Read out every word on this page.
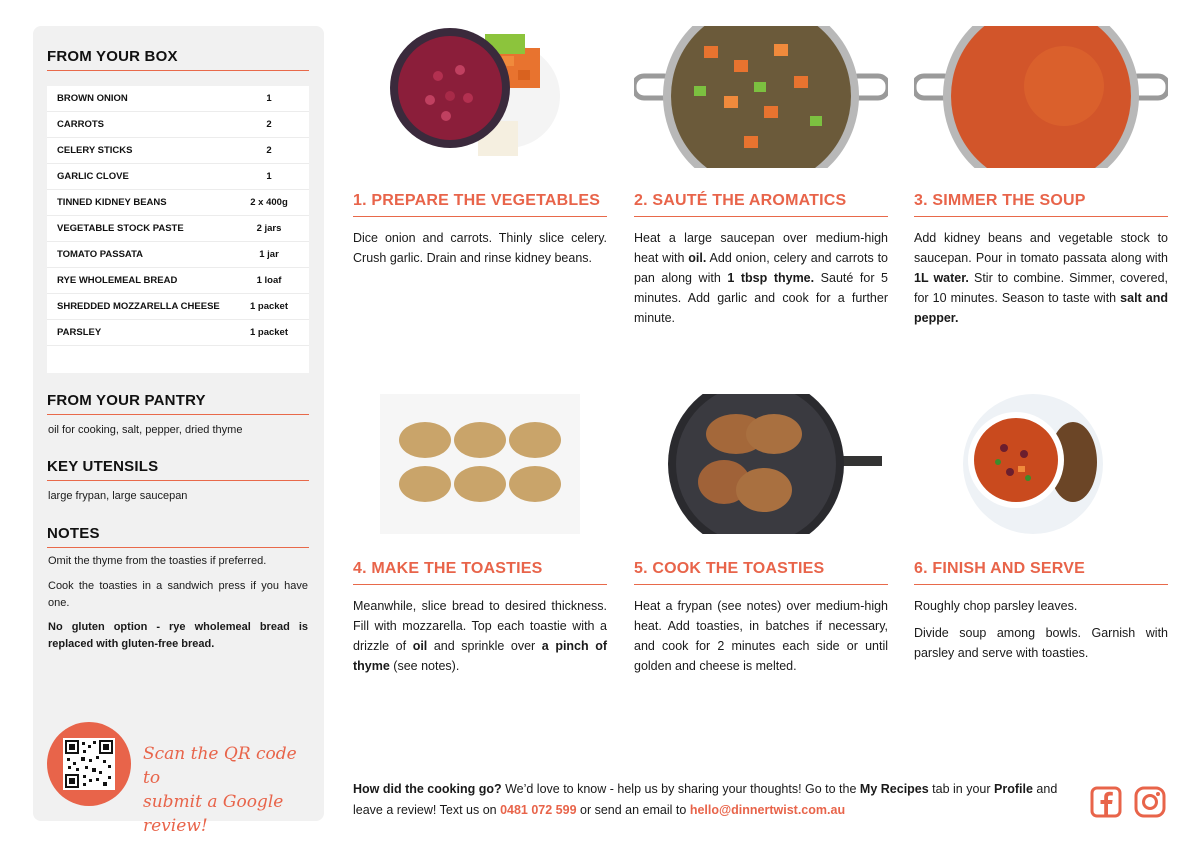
FROM YOUR BOX
BROWN ONION	1
CARROTS	2
CELERY STICKS	2
GARLIC CLOVE	1
TINNED KIDNEY BEANS	2 x 400g
VEGETABLE STOCK PASTE	2 jars
TOMATO PASSATA	1 jar
RYE WHOLEMEAL BREAD	1 loaf
SHREDDED MOZZARELLA CHEESE	1 packet
PARSLEY	1 packet
FROM YOUR PANTRY
oil for cooking, salt, pepper, dried thyme
KEY UTENSILS
large frypan, large saucepan
NOTES
Omit the thyme from the toasties if preferred.
Cook the toasties in a sandwich press if you have one.
No gluten option - rye wholemeal bread is replaced with gluten-free bread.
Scan the QR code to
submit a Google review!
1. PREPARE THE VEGETABLES
Dice onion and carrots. Thinly slice celery. Crush garlic. Drain and rinse kidney beans.
2. SAUTÉ THE AROMATICS
Heat a large saucepan over medium-high heat with oil. Add onion, celery and carrots to pan along with 1 tbsp thyme. Sauté for 5 minutes. Add garlic and cook for a further minute.
3. SIMMER THE SOUP
Add kidney beans and vegetable stock to saucepan. Pour in tomato passata along with 1L water. Stir to combine. Simmer, covered, for 10 minutes. Season to taste with salt and pepper.
4. MAKE THE TOASTIES
Meanwhile, slice bread to desired thickness. Fill with mozzarella. Top each toastie with a drizzle of oil and sprinkle over a pinch of thyme (see notes).
5. COOK THE TOASTIES
Heat a frypan (see notes) over medium-high heat. Add toasties, in batches if necessary, and cook for 2 minutes each side or until golden and cheese is melted.
6. FINISH AND SERVE
Roughly chop parsley leaves.
Divide soup among bowls. Garnish with parsley and serve with toasties.
How did the cooking go? We’d love to know - help us by sharing your thoughts! Go to the My Recipes tab in your Profile and leave a review! Text us on 0481 072 599 or send an email to hello@dinnertwist.com.au
